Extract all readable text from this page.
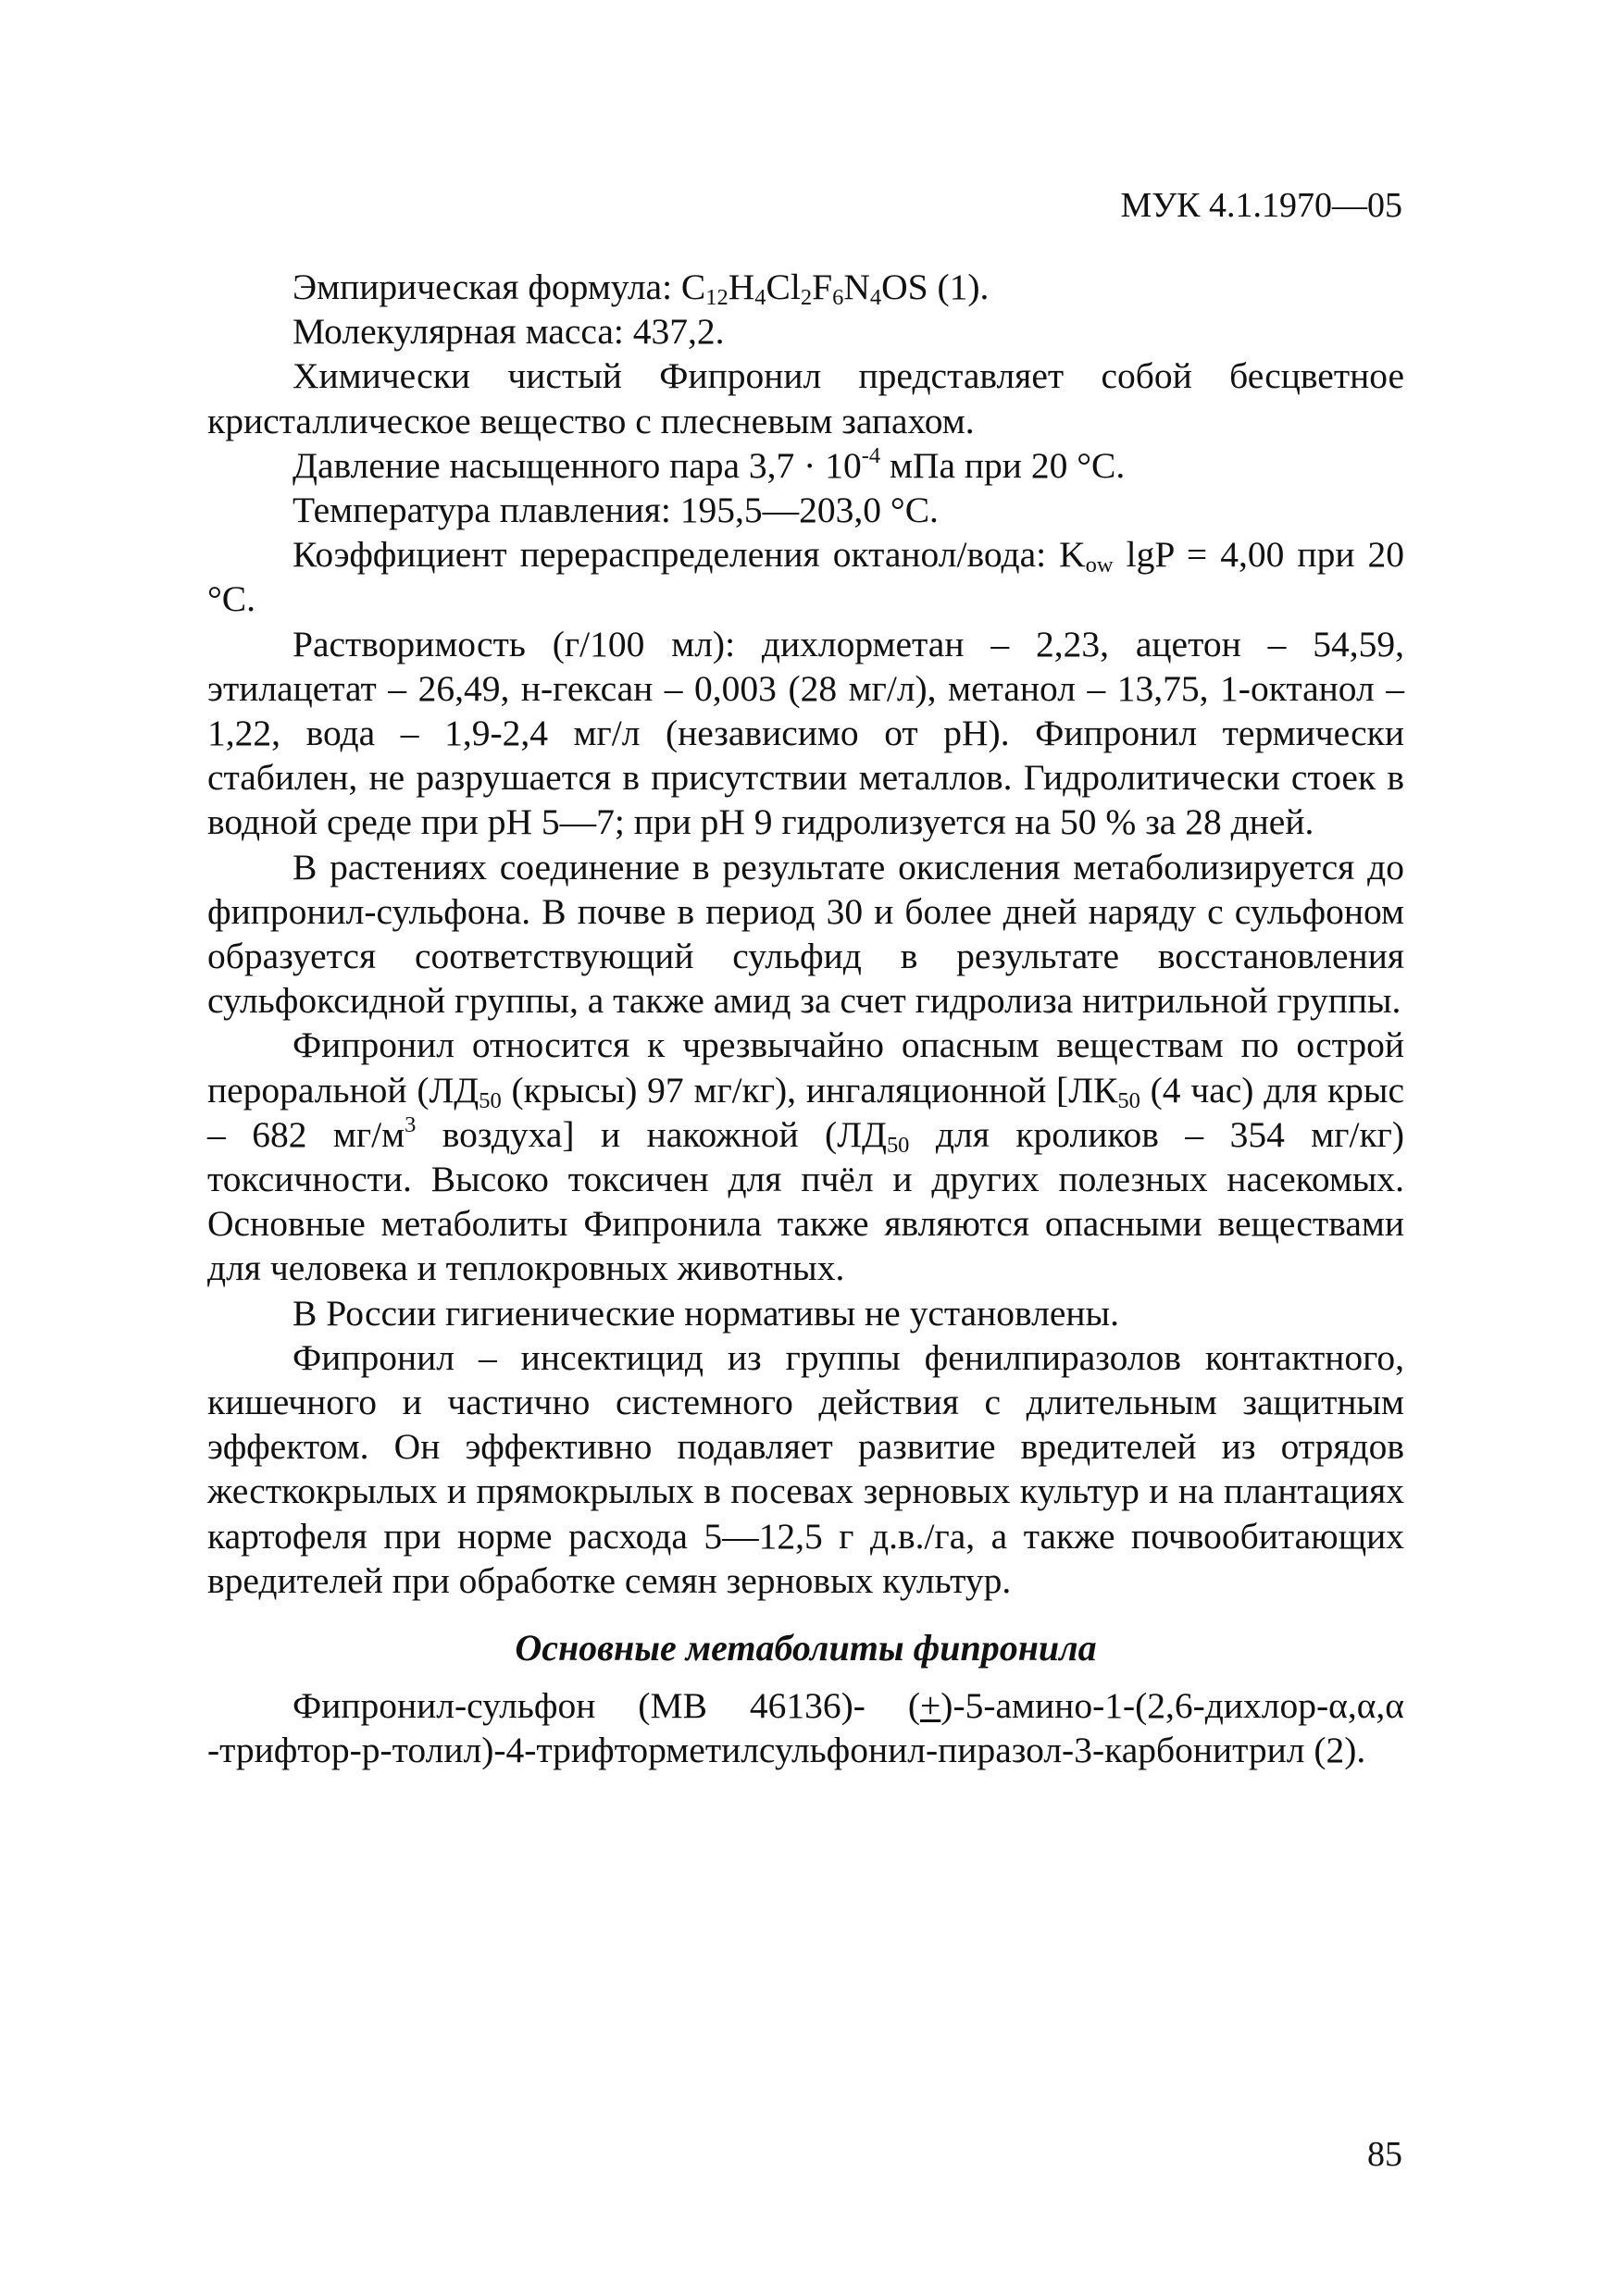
МУК 4.1.1970—05

Эмпирическая формула: $C_{12}H_4Cl_2F_6N_4OS$ (1).

Молекулярная масса: 437,2.

Химически чистый Фипронил представляет собой бесцветное кристаллическое вещество с плесневым запахом.

Давление насыщенного пара $3,7 \cdot 10^{-4}$ мПа при 20 °С.

Температура плавления: 195,5—203,0 °С.

Коэффициент перераспределения октанол/вода: $K_{ow}$ lgP = 4,00 при 20 °С.

Растворимость (г/100 мл): дихлорметан – 2,23, ацетон – 54,59, этилацетат – 26,49, н-гексан – 0,003 (28 мг/л), метанол – 13,75, 1-октанол – 1,22, вода – 1,9-2,4 мг/л (независимо от pH). Фипронил термически стабилен, не разрушается в присутствии металлов. Гидролитически стоек в водной среде при pH 5—7; при pH 9 гидролизуется на 50 % за 28 дней.

В растениях соединение в результате окисления метаболизируется до фипронил-сульфона. В почве в период 30 и более дней наряду с сульфоном образуется соответствующий сульфид в результате восстановления сульфоксидной группы, а также амид за счет гидролиза нитрильной группы.

Фипронил относится к чрезвычайно опасным веществам по острой пероральной ($ЛД_{50}$ (крысы) 97 мг/кг), ингаляционной [$ЛК_{50}$ (4 час) для крыс – 682 $мг/м^3$ воздуха] и накожной ($ЛД_{50}$ для кроликов – 354 мг/кг) токсичности. Высоко токсичен для пчёл и других полезных насекомых. Основные метаболиты Фипронила также являются опасными веществами для человека и теплокровных животных.

В России гигиенические нормативы не установлены.

Фипронил – инсектицид из группы фенилпиразолов контактного, кишечного и частично системного действия с длительным защитным эффектом. Он эффективно подавляет развитие вредителей из отрядов жесткокрылых и прямокрылых в посевах зерновых культур и на плантациях картофеля при норме расхода 5—12,5 г д.в./га, а также почвообитающих вредителей при обработке семян зерновых культур.

Основные метаболиты фипронила

Фипронил-сульфон (МВ 46136)- (+)-5-амино-1-(2,6-дихлор-α,α,α -трифтор-р-толил)-4-трифторметилсульфонил-пиразол-3-карбонитрил (2).

85
